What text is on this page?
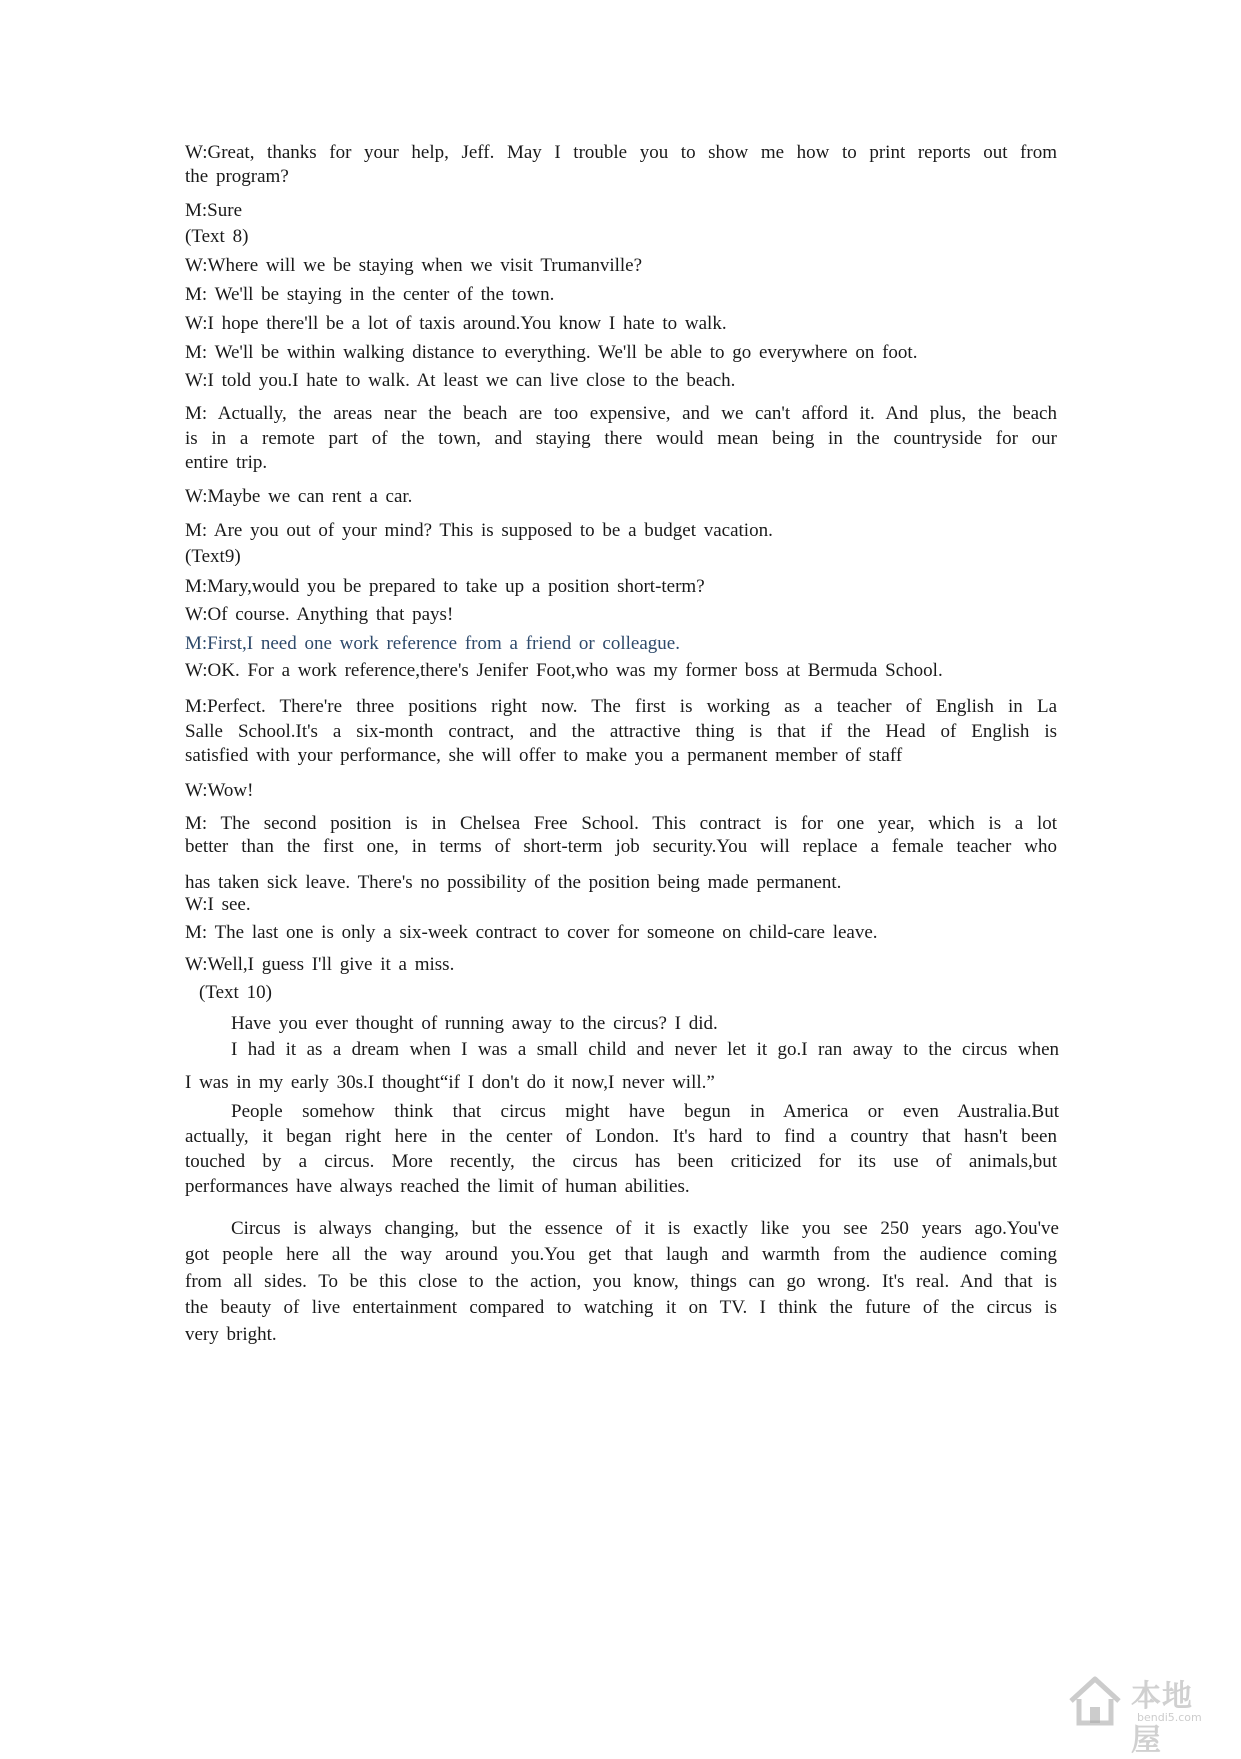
W:Great, thanks for your help, Jeff. May I trouble you to show me how to print reports out from

the program?

M:Sure

(Text 8)

W:Where will we be staying when we visit Trumanville?

M: We'll be staying in the center of the town.

W:I hope there'll be a lot of taxis around.You know I hate to walk.

M: We'll be within walking distance to everything. We'll be able to go everywhere on foot.

W:I told you.I hate to walk. At least we can live close to the beach.

M: Actually, the areas near the beach are too expensive, and we can't afford it. And plus, the beach

is in a remote part of the town, and staying there would mean being in the countryside for our

entire trip.

W:Maybe we can rent a car.

M: Are you out of your mind? This is supposed to be a budget vacation.

(Text9)

M:Mary,would you be prepared to take up a position short-term?

W:Of course. Anything that pays!

M:First,I need one work reference from a friend or colleague.

W:OK. For a work reference,there's Jenifer Foot,who was my former boss at Bermuda School.

M:Perfect. There're three positions right now. The first is working as a teacher of English in La

Salle School.It's a six-month contract, and the attractive thing is that if the Head of English is

satisfied with your performance, she will offer to make you a permanent member of staff

W:Wow!

M: The second position is in Chelsea Free School. This contract is for one year, which is a lot

better than the first one, in terms of short-term job security.You will replace a female teacher who

has taken sick leave. There's no possibility of the position being made permanent.

W:I see.

M: The last one is only a six-week contract to cover for someone on child-care leave.

W:Well,I guess I'll give it a miss.

(Text 10)

Have you ever thought of running away to the circus? I did.

I had it as a dream when I was a small child and never let it go.I ran away to the circus when

I was in my early 30s.I thought“if I don't do it now,I never will.”

People somehow think that circus might have begun in America or even Australia.But

actually, it began right here in the center of London. It's hard to find a country that hasn't been

touched by a circus. More recently, the circus has been criticized for its use of animals,but

performances have always reached the limit of human abilities.

Circus is always changing, but the essence of it is exactly like you see 250 years ago.You've

got people here all the way around you.You get that laugh and warmth from the audience coming

from all sides. To be this close to the action, you know, things can go wrong. It's real. And that is

the beauty of live entertainment compared to watching it on TV. I think the future of the circus is

very bright.

本地屋
bendi5.com
